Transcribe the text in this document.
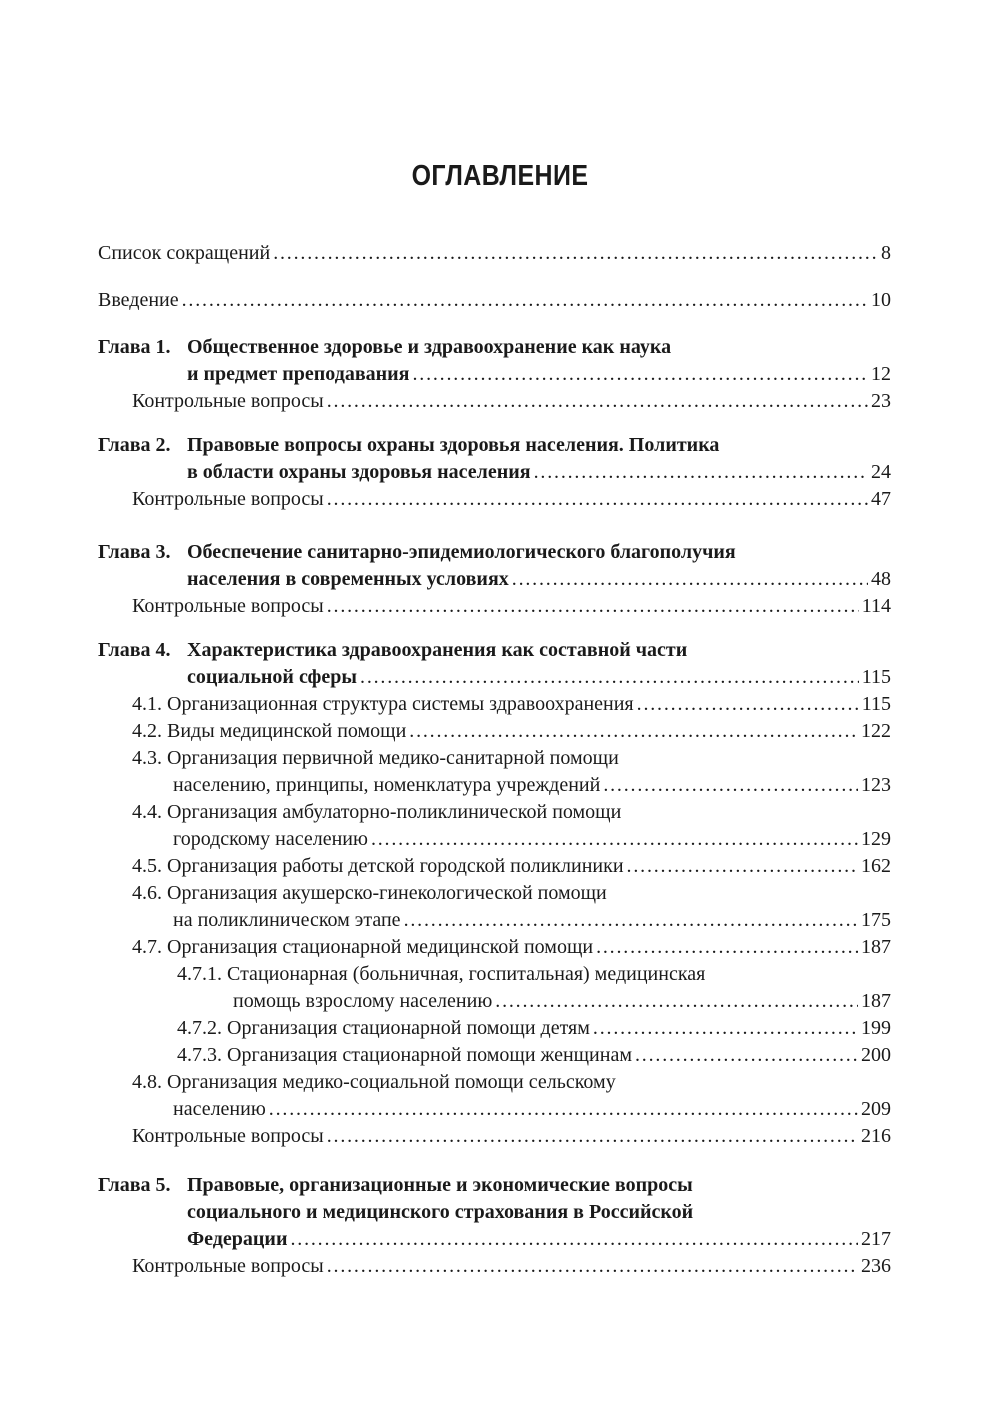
ОГЛАВЛЕНИЕ
Список сокращений . . .	8
Введение . . .	10
Глава 1. Общественное здоровье и здравоохранение как наука
и предмет преподавания . . .	12
Контрольные вопросы . . .	23
Глава 2. Правовые вопросы охраны здоровья населения. Политика
в области охраны здоровья населения . . .	24
Контрольные вопросы . . .	47
Глава 3. Обеспечение санитарно-эпидемиологического благополучия
населения в современных условиях . . .	48
Контрольные вопросы . . .	114
Глава 4. Характеристика здравоохранения как составной части
социальной сферы . . .	115
4.1. Организационная структура системы здравоохранения . . .	115
4.2. Виды медицинской помощи . . .	122
4.3. Организация первичной медико-санитарной помощи
населению, принципы, номенклатура учреждений . . .	123
4.4. Организация амбулаторно-поликлинической помощи
городскому населению . . .	129
4.5. Организация работы детской городской поликлиники . . .	162
4.6. Организация акушерско-гинекологической помощи
на поликлиническом этапе . . .	175
4.7. Организация стационарной медицинской помощи . . .	187
4.7.1. Стационарная (больничная, госпитальная) медицинская
помощь взрослому населению . . .	187
4.7.2. Организация стационарной помощи детям . . .	199
4.7.3. Организация стационарной помощи женщинам . . .	200
4.8. Организация медико-социальной помощи сельскому
населению . . .	209
Контрольные вопросы . . .	216
Глава 5. Правовые, организационные и экономические вопросы
социального и медицинского страхования в Российской
Федерации . . .	217
Контрольные вопросы . . .	236
